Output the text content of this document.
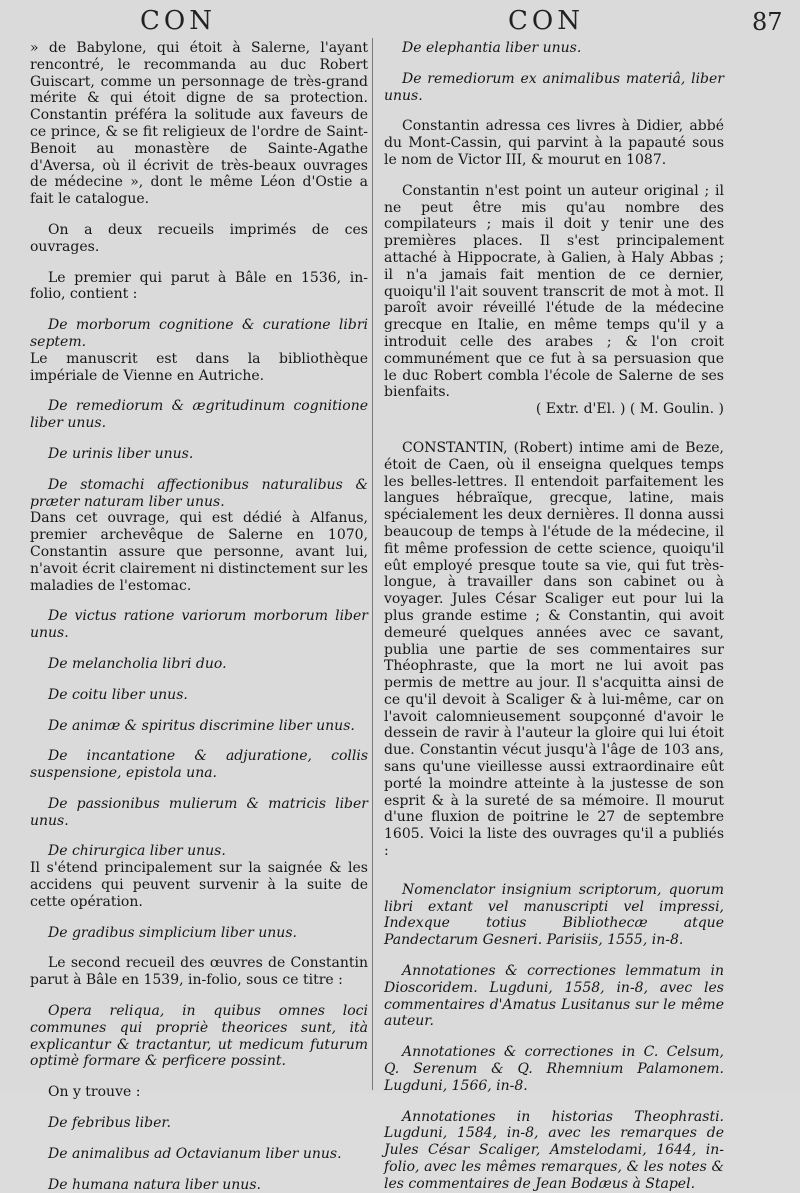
CON	CON	87

» de Babylone, qui étoit à Salerne, l'ayant rencontré, le recommanda au duc Robert Guiscart, comme un personnage de très-grand mérite & qui étoit digne de sa protection. Constantin préféra la solitude aux faveurs de ce prince, & se fit religieux de l'ordre de Saint-Benoit au monastère de Sainte-Agathe d'Aversa, où il écrivit de très-beaux ouvrages de médecine », dont le même Léon d'Ostie a fait le catalogue.

On a deux recueils imprimés de ces ouvrages.

Le premier qui parut à Bâle en 1536, in-folio, contient :

De morborum cognitione & curatione libri septem.

Le manuscrit est dans la bibliothèque impériale de Vienne en Autriche.

De remediorum & ægritudinum cognitione liber unus.

De urinis liber unus.

De stomachi affectionibus naturalibus & præter naturam liber unus.

Dans cet ouvrage, qui est dédié à Alfanus, premier archevêque de Salerne en 1070, Constantin assure que personne, avant lui, n'avoit écrit clairement ni distinctement sur les maladies de l'estomac.

De victus ratione variorum morborum liber unus.

De melancholia libri duo.

De coitu liber unus.

De animæ & spiritus discrimine liber unus.

De incantatione & adjuratione, collis suspensione, epistola una.

De passionibus mulierum & matricis liber unus.

De chirurgica liber unus.

Il s'étend principalement sur la saignée & les accidens qui peuvent survenir à la suite de cette opération.

De gradibus simplicium liber unus.

Le second recueil des œuvres de Constantin parut à Bâle en 1539, in-folio, sous ce titre :

Opera reliqua, in quibus omnes loci communes qui propriè theorices sunt, ità explicantur & tractantur, ut medicum futurum optimè formare & perficere possint.

On y trouve :

De febribus liber.

De animalibus ad Octavianum liber unus.

De humana natura liber unus.

De elephantia liber unus.

De remediorum ex animalibus materiâ, liber unus.

Constantin adressa ces livres à Didier, abbé du Mont-Cassin, qui parvint à la papauté sous le nom de Victor III, & mourut en 1087.

Constantin n'est point un auteur original ; il ne peut être mis qu'au nombre des compilateurs ; mais il doit y tenir une des premières places. Il s'est principalement attaché à Hippocrate, à Galien, à Haly Abbas ; il n'a jamais fait mention de ce dernier, quoiqu'il l'ait souvent transcrit de mot à mot. Il paroît avoir réveillé l'étude de la médecine grecque en Italie, en même temps qu'il y a introduit celle des arabes ; & l'on croit communément que ce fut à sa persuasion que le duc Robert combla l'école de Salerne de ses bienfaits.

( Extr. d'El. ) ( M. Goulin. )

CONSTANTIN, (Robert) intime ami de Beze, étoit de Caen, où il enseigna quelques temps les belles-lettres. Il entendoit parfaitement les langues hébraïque, grecque, latine, mais spécialement les deux dernières. Il donna aussi beaucoup de temps à l'étude de la médecine, il fit même profession de cette science, quoiqu'il eût employé presque toute sa vie, qui fut très-longue, à travailler dans son cabinet ou à voyager. Jules César Scaliger eut pour lui la plus grande estime ; & Constantin, qui avoit demeuré quelques années avec ce savant, publia une partie de ses commentaires sur Théophraste, que la mort ne lui avoit pas permis de mettre au jour. Il s'acquitta ainsi de ce qu'il devoit à Scaliger & à lui-même, car on l'avoit calomnieusement soupçonné d'avoir le dessein de ravir à l'auteur la gloire qui lui étoit due. Constantin vécut jusqu'à l'âge de 103 ans, sans qu'une vieillesse aussi extraordinaire eût porté la moindre atteinte à la justesse de son esprit & à la sureté de sa mémoire. Il mourut d'une fluxion de poitrine le 27 de septembre 1605. Voici la liste des ouvrages qu'il a publiés :

Nomenclator insignium scriptorum, quorum libri extant vel manuscripti vel impressi, Indexque totius Bibliothecæ atque Pandectarum Gesneri. Parisiis, 1555, in-8.

Annotationes & correctiones lemmatum in Dioscoridem. Lugduni, 1558, in-8, avec les commentaires d'Amatus Lusitanus sur le même auteur.

Annotationes & correctiones in C. Celsum, Q. Serenum & Q. Rhemnium Palamonem. Lugduni, 1566, in-8.

Annotationes in historias Theophrasti. Lugduni, 1584, in-8, avec les remarques de Jules César Scaliger, Amstelodami, 1644, in-folio, avec les mêmes remarques, & les notes & les commentaires de Jean Bodæus à Stapel.
